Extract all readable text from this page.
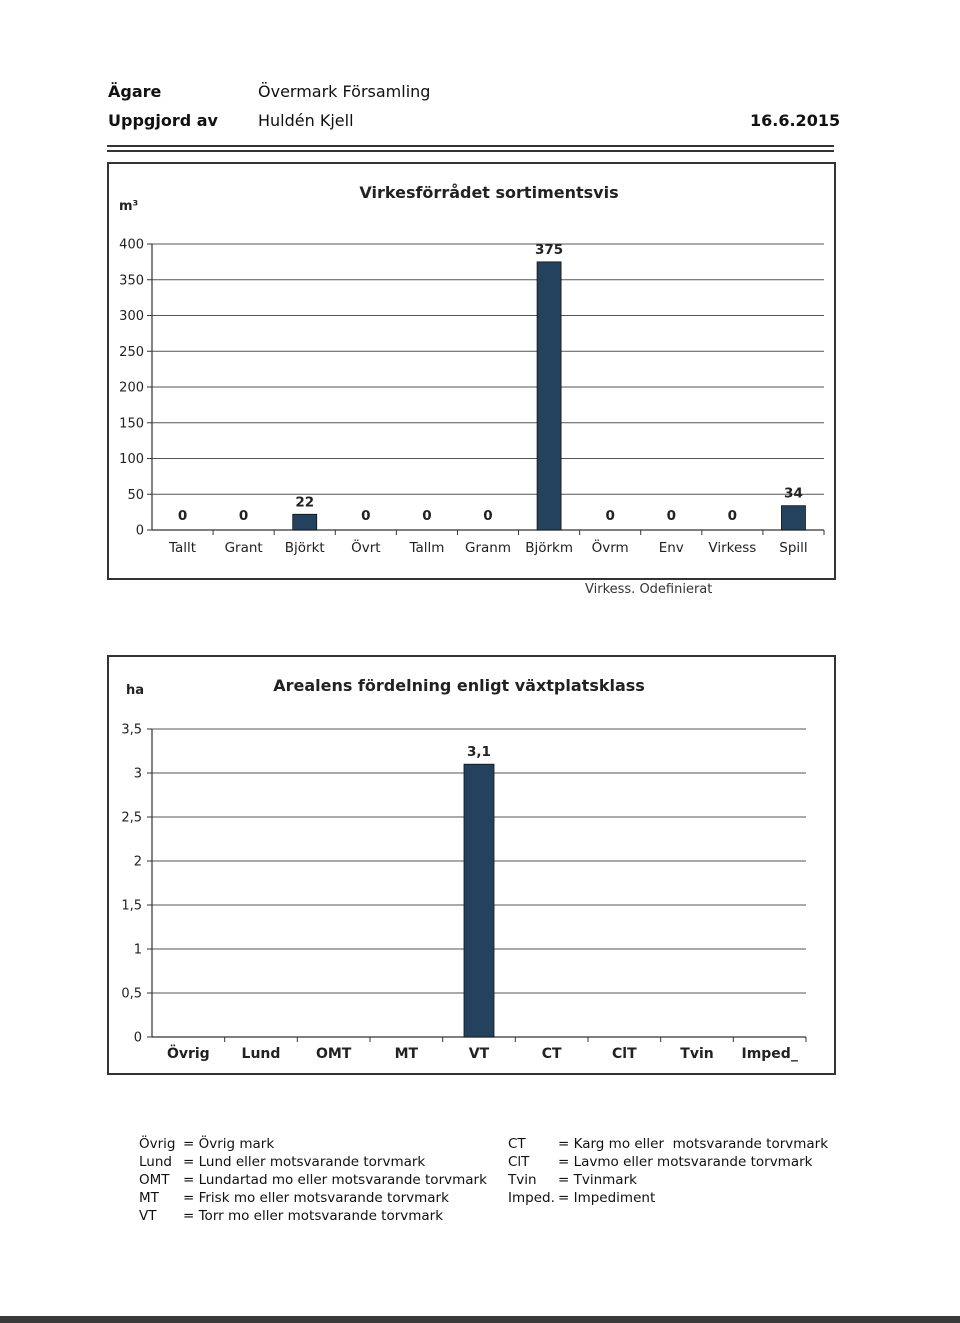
Ägare	Övermark Församling
Uppgjord av	Huldén Kjell	16.6.2015
Virkesförrådet sortimentsvis
m³
0
50
100
150
200
250
300
350
400
0	0
22
0	0	0
375
0	0	0
34
Tallt Grant Björkt Övrt Tallm Granm Björkm Övrm Env Virkess Spill
Virkess. Odefinierat
Arealens fördelning enligt växtplatsklass
ha
0
0,5
1
1,5
2
2,5
3
3,5
3,1
Övrig Lund	OMT	MT	VT	CT	ClT	Tvin Imped_
Övrig = Övrig mark
Lund = Lund eller motsvarande torvmark
OMT = Lundartad mo eller motsvarande torvmark
MT = Frisk mo eller motsvarande torvmark
VT = Torr mo eller motsvarande torvmark
CT = Karg mo eller  motsvarande torvmark
ClT = Lavmo eller motsvarande torvmark
Tvin = Tvinmark
Imped. = Impediment
